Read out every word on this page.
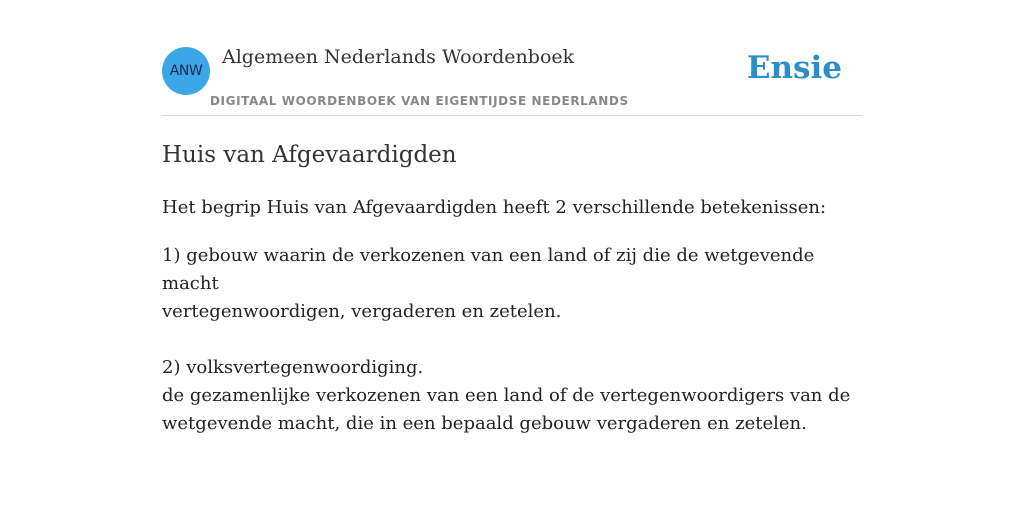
ANW
Algemeen Nederlands Woordenboek
DIGITAAL WOORDENBOEK VAN EIGENTIJDSE NEDERLANDS
Ensie
Huis van Afgevaardigden

Het begrip Huis van Afgevaardigden heeft 2 verschillende betekenissen:

1) gebouw waarin de verkozenen van een land of zij die de wetgevende macht
vertegenwoordigen, vergaderen en zetelen.

2) volksvertegenwoordiging.
de gezamenlijke verkozenen van een land of de vertegenwoordigers van de
wetgevende macht, die in een bepaald gebouw vergaderen en zetelen.
